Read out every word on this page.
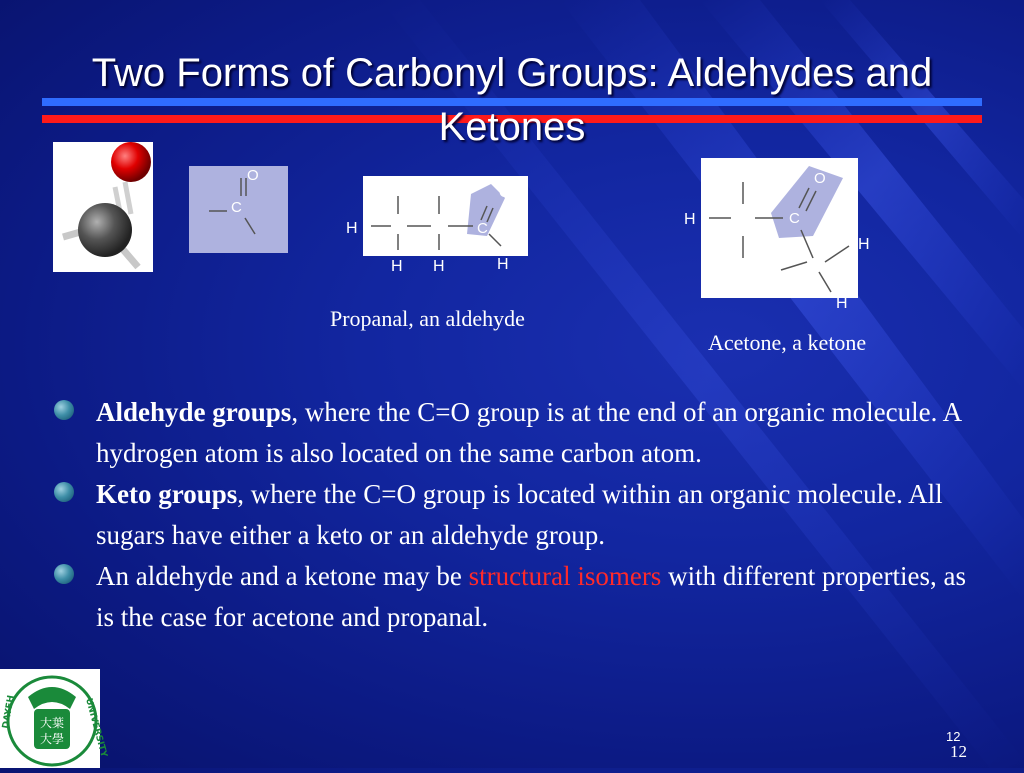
Two Forms of Carbonyl Groups: Aldehydes and Ketones
O
C
O
C
H
H H	H
Propanal, an aldehyde
O
C
H
H
H
Acetone, a ketone
Aldehyde groups, where the C=O group is at the end of an organic molecule. A hydrogen atom is also located on the same carbon atom.
Keto groups, where the C=O group is located within an organic molecule. All sugars have either a keto or an aldehyde group.
An aldehyde and a ketone may be structural isomers with different properties, as is the case for acetone and propanal.
大葉
大學
DAYEH	UNIVERSITY	12
12
